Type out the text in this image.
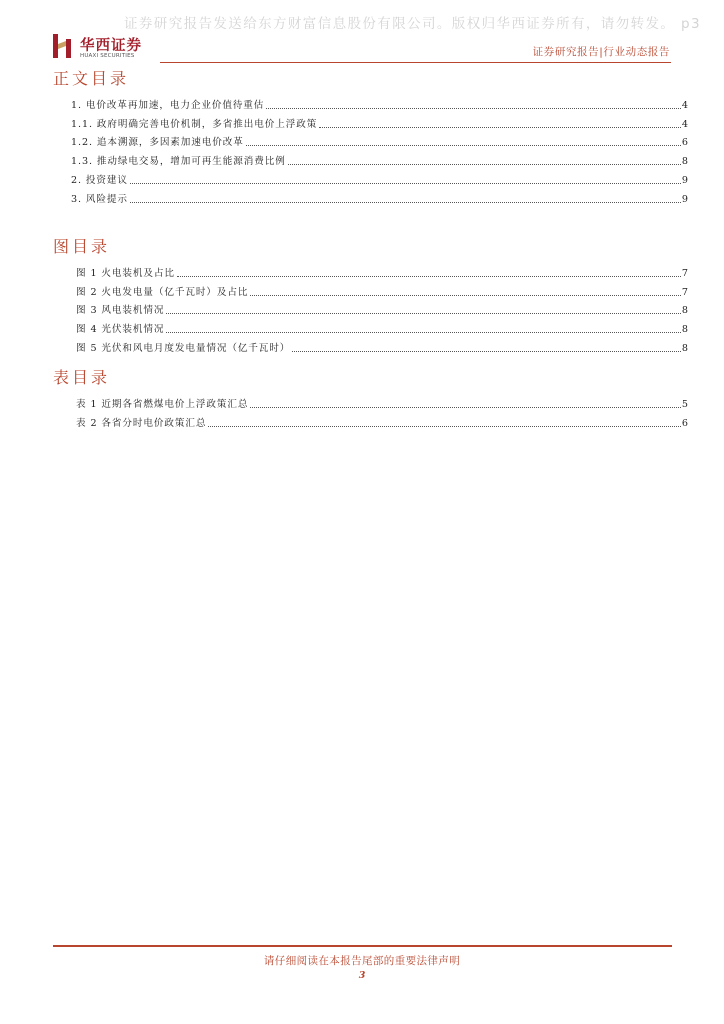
证券研究报告发送给东方财富信息股份有限公司。版权归华西证券所有，请勿转发。 p3
华西证券
HUAXI SECURITIES	证券研究报告|行业动态报告
正文目录
1. 电价改革再加速，电力企业价值待重估	4
1.1. 政府明确完善电价机制，多省推出电价上浮政策	4
1.2. 追本溯源，多因素加速电价改革	6
1.3. 推动绿电交易，增加可再生能源消费比例	8
2. 投资建议	9
3. 风险提示	9
图目录
图 1 火电装机及占比	7
图 2 火电发电量（亿千瓦时）及占比	7
图 3 风电装机情况	8
图 4 光伏装机情况	8
图 5 光伏和风电月度发电量情况（亿千瓦时）	8
表目录
表 1 近期各省燃煤电价上浮政策汇总	5
表 2 各省分时电价政策汇总	6
请仔细阅读在本报告尾部的重要法律声明
3
